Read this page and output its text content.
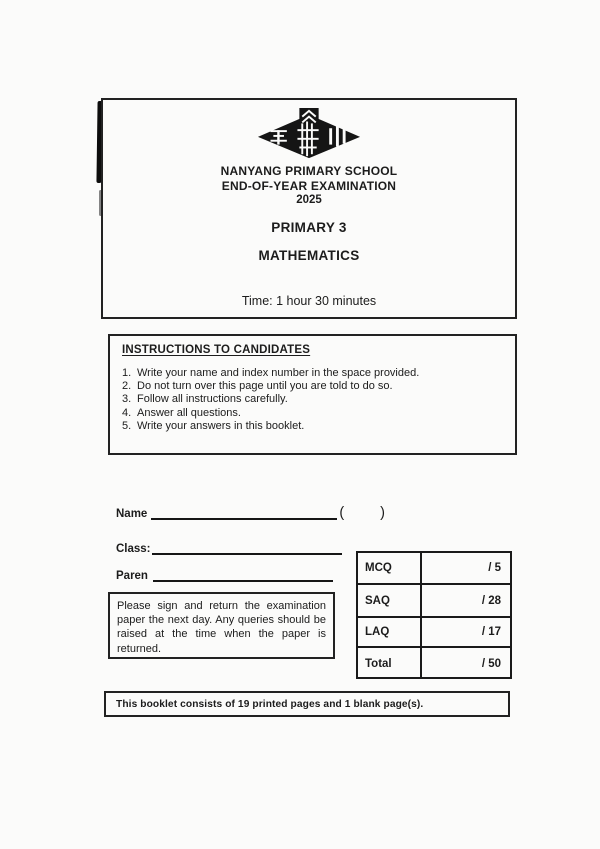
NANYANG PRIMARY SCHOOL
END-OF-YEAR EXAMINATION
2025
PRIMARY 3
MATHEMATICS
Time: 1 hour 30 minutes
INSTRUCTIONS TO CANDIDATES
1. Write your name and index number in the space provided.
2. Do not turn over this page until you are told to do so.
3. Follow all instructions carefully.
4. Answer all questions.
5. Write your answers in this booklet.
Name	( )
Class:
Paren
Please sign and return the examination paper the next day. Any queries should be raised at the time when the paper is returned.
MCQ	/ 5
SAQ	/ 28
LAQ	/ 17
Total	/ 50
This booklet consists of 19 printed pages and 1 blank page(s).
